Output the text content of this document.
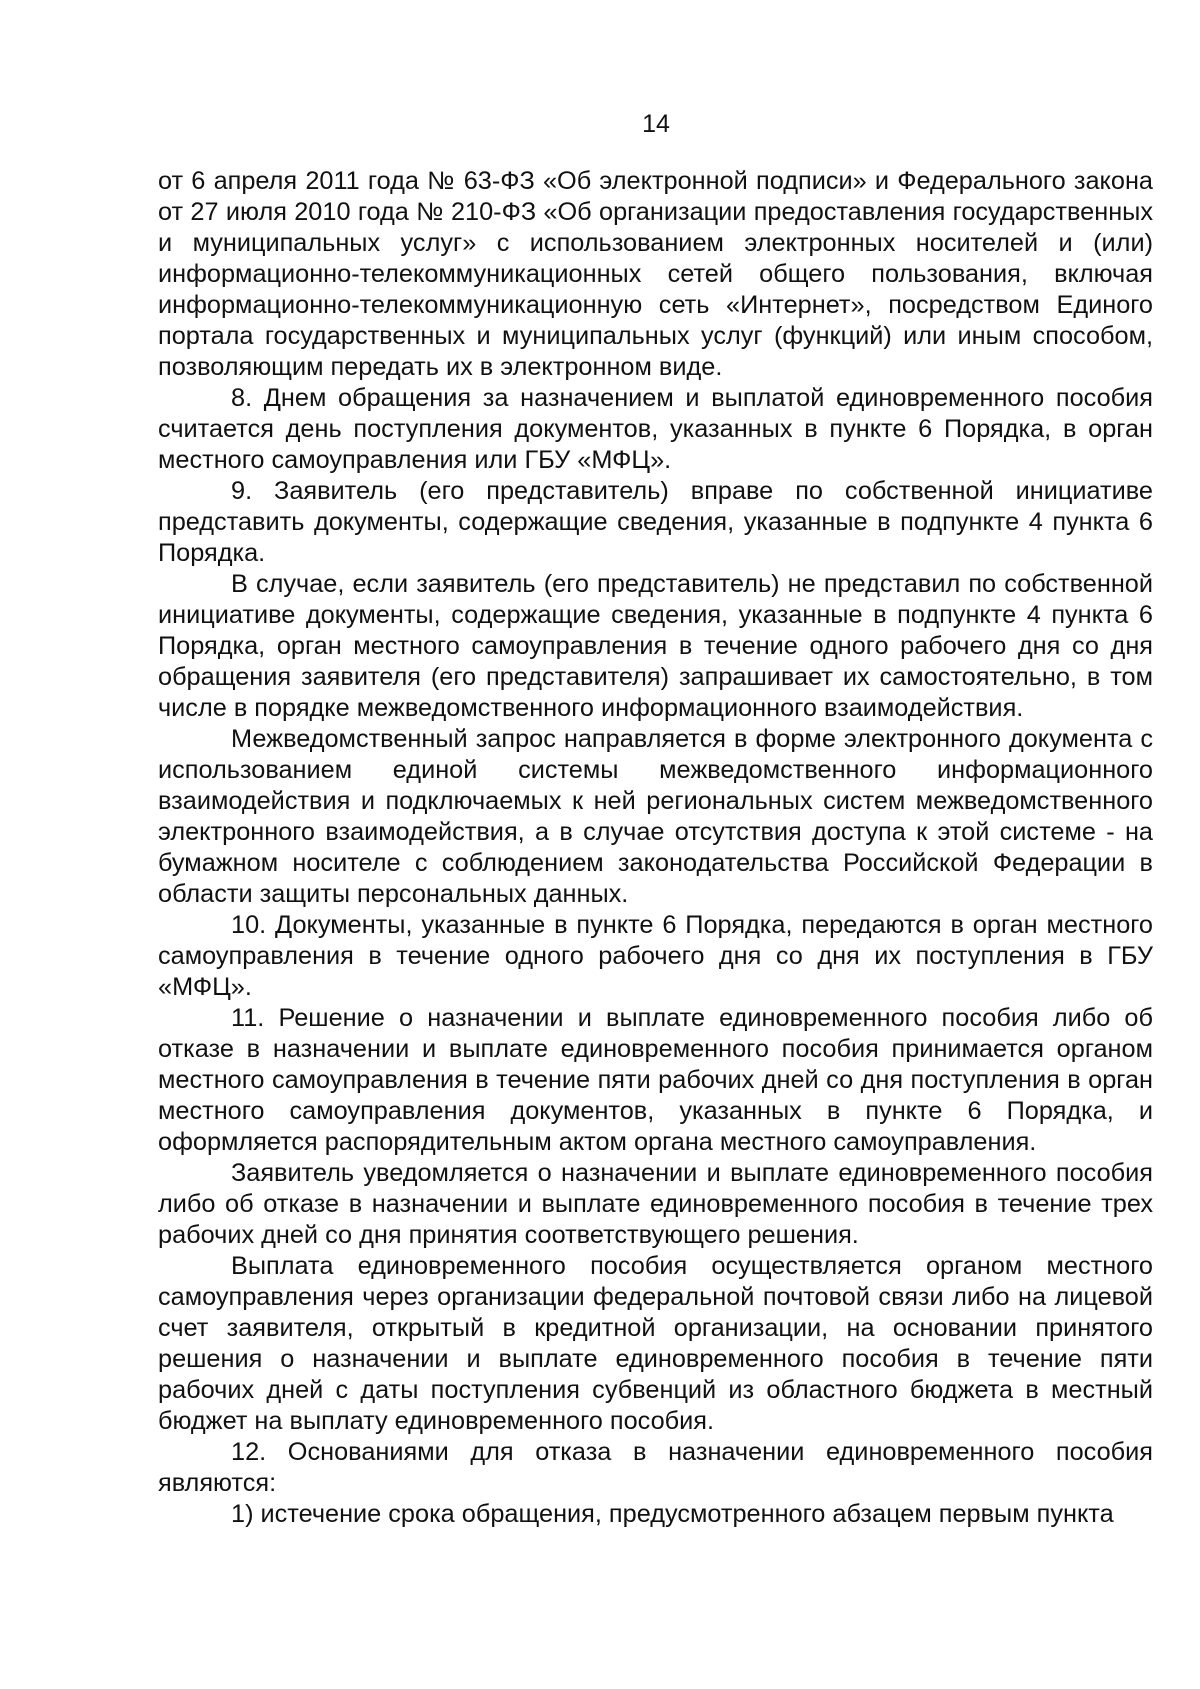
14

от 6 апреля 2011 года № 63-ФЗ «Об электронной подписи» и Федерального закона от 27 июля 2010 года № 210-ФЗ «Об организации предоставления государственных и муниципальных услуг» с использованием электронных носителей и (или) информационно-телекоммуникационных сетей общего пользования, включая информационно-телекоммуникационную сеть «Интернет», посредством Единого портала государственных и муниципальных услуг (функций) или иным способом, позволяющим передать их в электронном виде.

8. Днем обращения за назначением и выплатой единовременного пособия считается день поступления документов, указанных в пункте 6 Порядка, в орган местного самоуправления или ГБУ «МФЦ».

9. Заявитель (его представитель) вправе по собственной инициативе представить документы, содержащие сведения, указанные в подпункте 4 пункта 6 Порядка.

В случае, если заявитель (его представитель) не представил по собственной инициативе документы, содержащие сведения, указанные в подпункте 4 пункта 6 Порядка, орган местного самоуправления в течение одного рабочего дня со дня обращения заявителя (его представителя) запрашивает их самостоятельно, в том числе в порядке межведомственного информационного взаимодействия.

Межведомственный запрос направляется в форме электронного документа с использованием единой системы межведомственного информационного взаимодействия и подключаемых к ней региональных систем межведомственного электронного взаимодействия, а в случае отсутствия доступа к этой системе - на бумажном носителе с соблюдением законодательства Российской Федерации в области защиты персональных данных.

10. Документы, указанные в пункте 6 Порядка, передаются в орган местного самоуправления в течение одного рабочего дня со дня их поступления в ГБУ «МФЦ».

11. Решение о назначении и выплате единовременного пособия либо об отказе в назначении и выплате единовременного пособия принимается органом местного самоуправления в течение пяти рабочих дней со дня поступления в орган местного самоуправления документов, указанных в пункте 6 Порядка, и оформляется распорядительным актом органа местного самоуправления.

Заявитель уведомляется о назначении и выплате единовременного пособия либо об отказе в назначении и выплате единовременного пособия в течение трех рабочих дней со дня принятия соответствующего решения.

Выплата единовременного пособия осуществляется органом местного самоуправления через организации федеральной почтовой связи либо на лицевой счет заявителя, открытый в кредитной организации, на основании принятого решения о назначении и выплате единовременного пособия в течение пяти рабочих дней с даты поступления субвенций из областного бюджета в местный бюджет на выплату единовременного пособия.

12. Основаниями для отказа в назначении единовременного пособия являются:

1) истечение срока обращения, предусмотренного абзацем первым пункта
